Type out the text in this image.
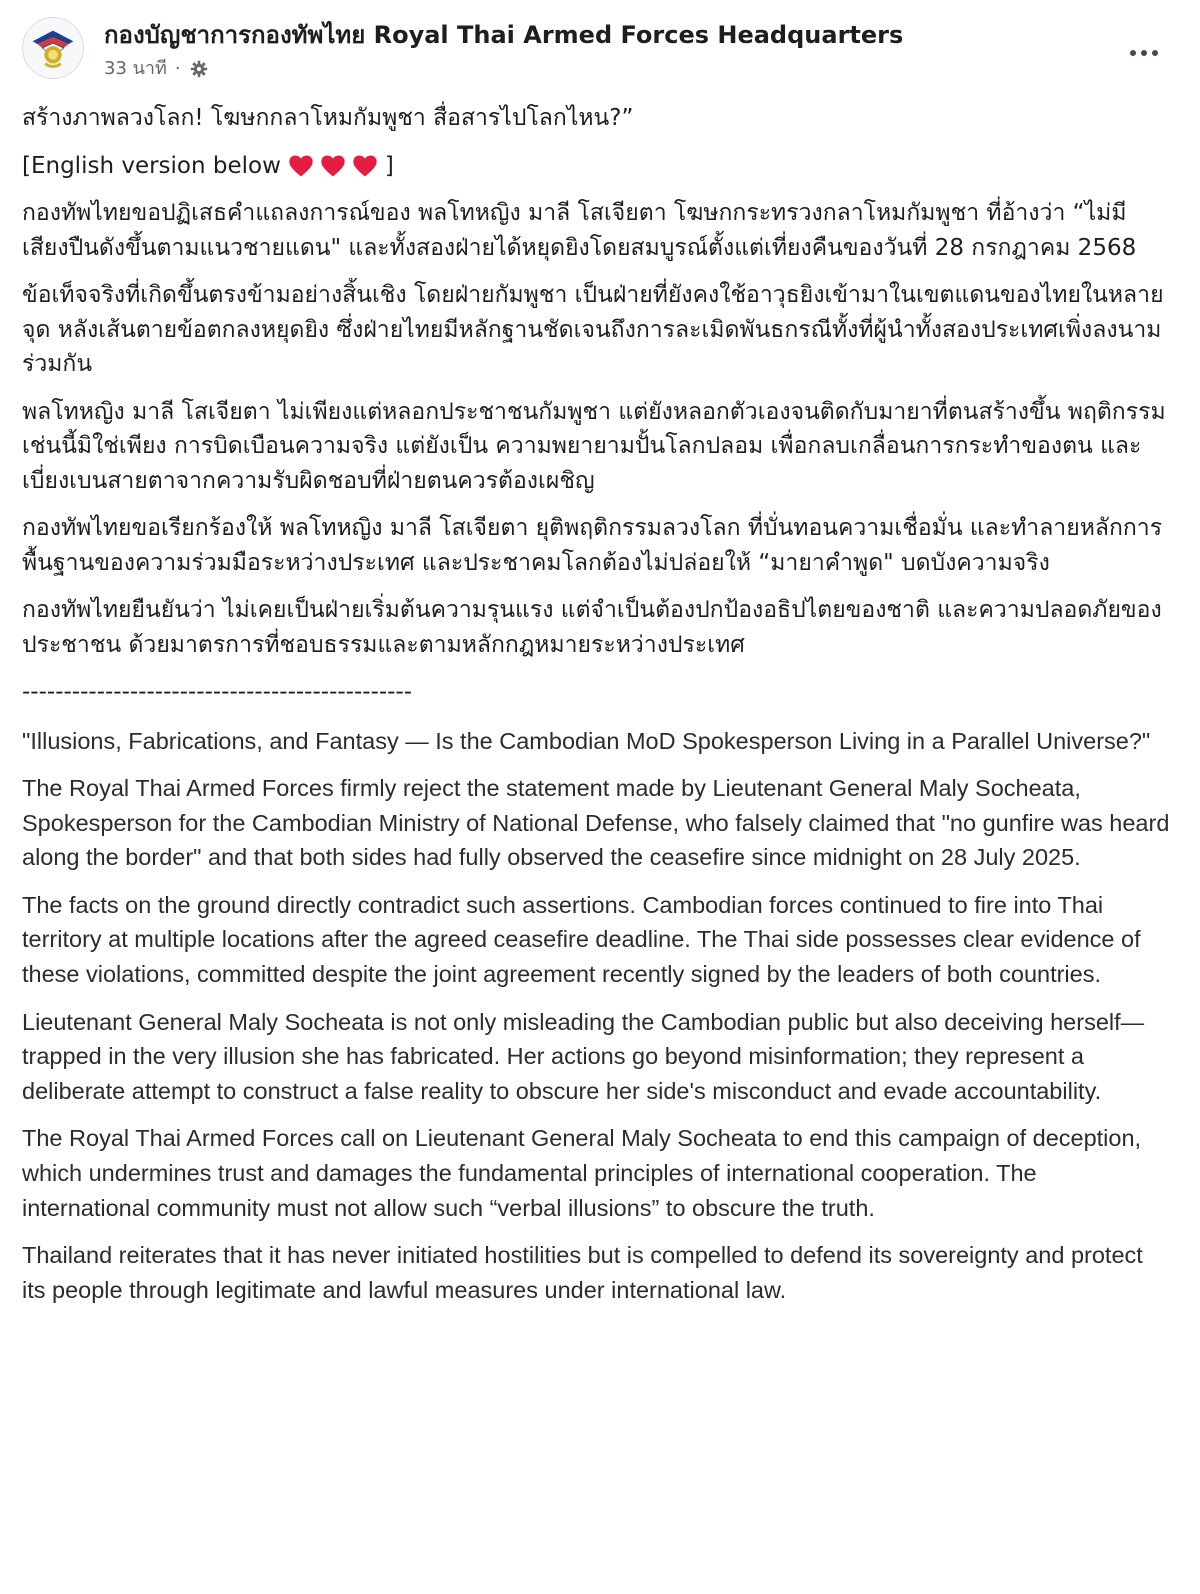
กองบัญชาการกองทัพไทย Royal Thai Armed Forces Headquarters
33 นาที ·

สร้างภาพลวงโลก! โฆษกกลาโหมกัมพูชา สื่อสารไปโลกไหน?”

[English version below	]

กองทัพไทยขอปฏิเสธคำแถลงการณ์ของ พลโทหญิง มาลี โสเจียตา โฆษกกระทรวงกลาโหมกัมพูชา ที่อ้างว่า “ไม่มีเสียงปืนดังขึ้นตามแนวชายแดน" และทั้งสองฝ่ายได้หยุดยิงโดยสมบูรณ์ตั้งแต่เที่ยงคืนของวันที่ 28 กรกฎาคม 2568

ข้อเท็จจริงที่เกิดขึ้นตรงข้ามอย่างสิ้นเชิง โดยฝ่ายกัมพูชา เป็นฝ่ายที่ยังคงใช้อาวุธยิงเข้ามาในเขตแดนของไทยในหลายจุด หลังเส้นตายข้อตกลงหยุดยิง ซึ่งฝ่ายไทยมีหลักฐานชัดเจนถึงการละเมิดพันธกรณีทั้งที่ผู้นำทั้งสองประเทศเพิ่งลงนามร่วมกัน

พลโทหญิง มาลี โสเจียตา ไม่เพียงแต่หลอกประชาชนกัมพูชา แต่ยังหลอกตัวเองจนติดกับมายาที่ตนสร้างขึ้น พฤติกรรมเช่นนี้มิใช่เพียง การบิดเบือนความจริง แต่ยังเป็น ความพยายามปั้นโลกปลอม เพื่อกลบเกลื่อนการกระทำของตน และเบี่ยงเบนสายตาจากความรับผิดชอบที่ฝ่ายตนควรต้องเผชิญ

กองทัพไทยขอเรียกร้องให้ พลโทหญิง มาลี โสเจียตา ยุติพฤติกรรมลวงโลก ที่บั่นทอนความเชื่อมั่น และทำลายหลักการพื้นฐานของความร่วมมือระหว่างประเทศ และประชาคมโลกต้องไม่ปล่อยให้ “มายาคำพูด" บดบังความจริง

กองทัพไทยยืนยันว่า ไม่เคยเป็นฝ่ายเริ่มต้นความรุนแรง แต่จำเป็นต้องปกป้องอธิปไตยของชาติ และความปลอดภัยของประชาชน ด้วยมาตรการที่ชอบธรรมและตามหลักกฎหมายระหว่างประเทศ

-----------------------------------------------

"Illusions, Fabrications, and Fantasy — Is the Cambodian MoD Spokesperson Living in a Parallel Universe?"

The Royal Thai Armed Forces firmly reject the statement made by Lieutenant General Maly Socheata, Spokesperson for the Cambodian Ministry of National Defense, who falsely claimed that "no gunfire was heard along the border" and that both sides had fully observed the ceasefire since midnight on 28 July 2025.

The facts on the ground directly contradict such assertions. Cambodian forces continued to fire into Thai territory at multiple locations after the agreed ceasefire deadline. The Thai side possesses clear evidence of these violations, committed despite the joint agreement recently signed by the leaders of both countries.

Lieutenant General Maly Socheata is not only misleading the Cambodian public but also deceiving herself—trapped in the very illusion she has fabricated. Her actions go beyond misinformation; they represent a deliberate attempt to construct a false reality to obscure her side's misconduct and evade accountability.

The Royal Thai Armed Forces call on Lieutenant General Maly Socheata to end this campaign of deception, which undermines trust and damages the fundamental principles of international cooperation. The international community must not allow such “verbal illusions” to obscure the truth.

Thailand reiterates that it has never initiated hostilities but is compelled to defend its sovereignty and protect its people through legitimate and lawful measures under international law.
